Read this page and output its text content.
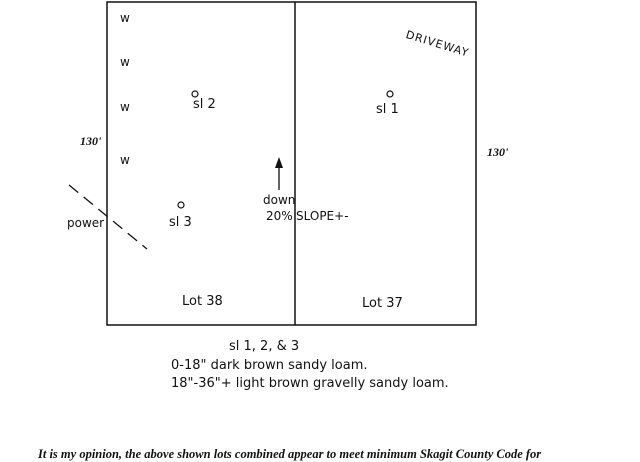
w
w
w
w
130'
130'
DRIVEWAY
sl 2	sl 1
sl 3
power
down
20% SLOPE+-
Lot 38	Lot 37
sl 1, 2, & 3
0-18" dark brown sandy loam.
18"-36"+ light brown gravelly sandy loam.
It is my opinion, the above shown lots combined appear to meet minimum Skagit County Code for
